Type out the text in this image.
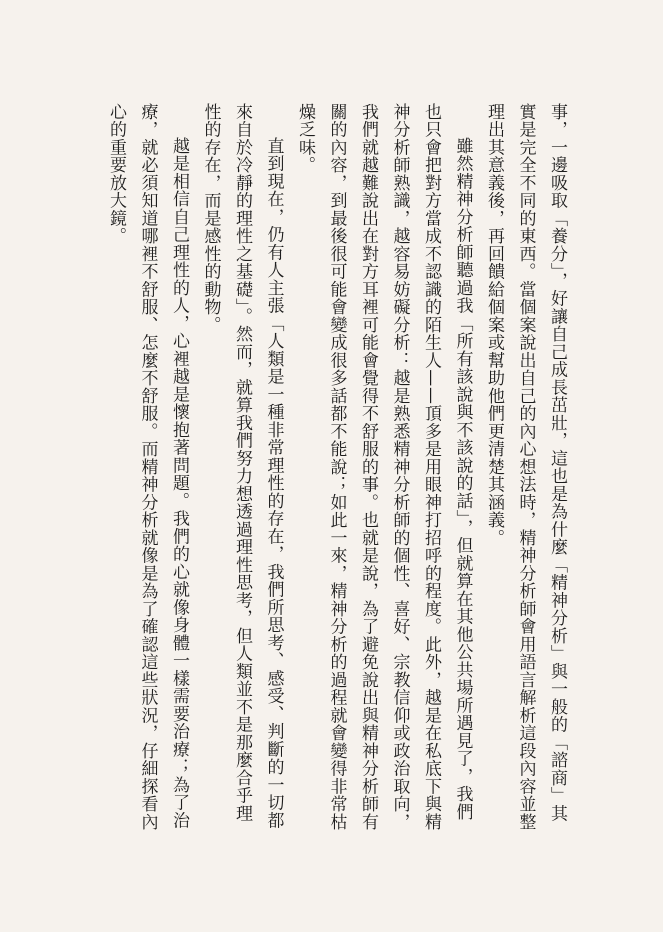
事，一邊吸取「養分」，好讓自己成長茁壯，這也是為什麼「精神分析」與一般的「諮商」其實是完全不同的東西。當個案說出自己的內心想法時，精神分析師會用語言解析這段內容並整理出其意義後，再回饋給個案或幫助他們更清楚其涵義。

雖然精神分析師聽過我「所有該說與不該說的話」，但就算在其他公共場所遇見了，我們也只會把對方當成不認識的陌生人——頂多是用眼神打招呼的程度。此外，越是在私底下與精神分析師熟識，越容易妨礙分析：越是熟悉精神分析師的個性、喜好、宗教信仰或政治取向，我們就越難說出在對方耳裡可能會覺得不舒服的事。也就是說，為了避免說出與精神分析師有關的內容，到最後很可能會變成很多話都不能說；如此一來，精神分析的過程就會變得非常枯燥乏味。

直到現在，仍有人主張「人類是一種非常理性的存在，我們所思考、感受、判斷的一切都來自於冷靜的理性之基礎」。然而，就算我們努力想透過理性思考，但人類並不是那麼合乎理性的存在，而是感性的動物。

越是相信自己理性的人，心裡越是懷抱著問題。我們的心就像身體一樣需要治療；為了治療，就必須知道哪裡不舒服、怎麼不舒服。而精神分析就像是為了確認這些狀況，仔細探看內心的重要放大鏡。
